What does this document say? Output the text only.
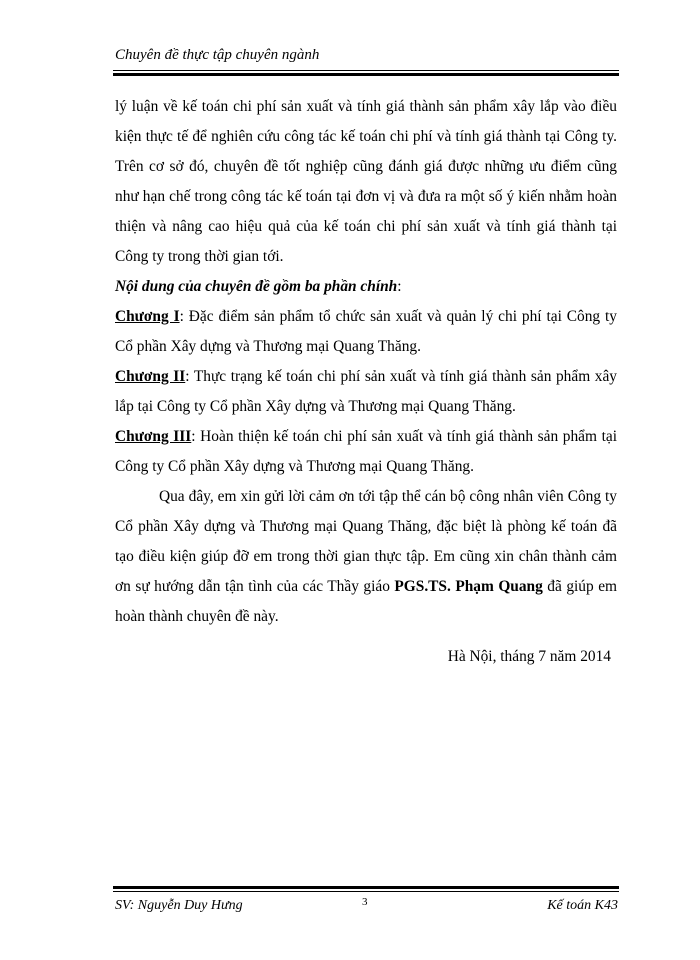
Chuyên đề thực tập chuyên ngành

lý luận về kế toán chi phí sản xuất và tính giá thành sản phẩm xây lắp vào điều kiện thực tế để nghiên cứu công tác kế toán chi phí và tính giá thành tại Công ty. Trên cơ sở đó, chuyên đề tốt nghiệp cũng đánh giá được những ưu điểm cũng như hạn chế trong công tác kế toán tại đơn vị và đưa ra một số ý kiến nhằm hoàn thiện và nâng cao hiệu quả của kế toán chi phí sản xuất và tính giá thành tại Công ty trong thời gian tới.

Nội dung của chuyên đề gồm ba phần chính:

Chương I: Đặc điểm sản phẩm tổ chức sản xuất và quản lý chi phí tại Công ty Cổ phần Xây dựng và Thương mại Quang Thăng.

Chương II: Thực trạng kế toán chi phí sản xuất và tính giá thành sản phẩm xây lắp tại Công ty Cổ phần Xây dựng và Thương mại Quang Thăng.

Chương III: Hoàn thiện kế toán chi phí sản xuất và tính giá thành sản phẩm tại Công ty Cổ phần Xây dựng và Thương mại Quang Thăng.

Qua đây, em xin gửi lời cảm ơn tới tập thể cán bộ công nhân viên Công ty Cổ phần Xây dựng và Thương mại Quang Thăng, đặc biệt là phòng kế toán đã tạo điều kiện giúp đỡ em trong thời gian thực tập. Em cũng xin chân thành cảm ơn sự hướng dẫn tận tình của các Thầy giáo PGS.TS. Phạm Quang đã giúp em hoàn thành chuyên đề này.

Hà Nội, tháng 7 năm 2014

SV: Nguyễn Duy Hưng	3	Kế toán K43
